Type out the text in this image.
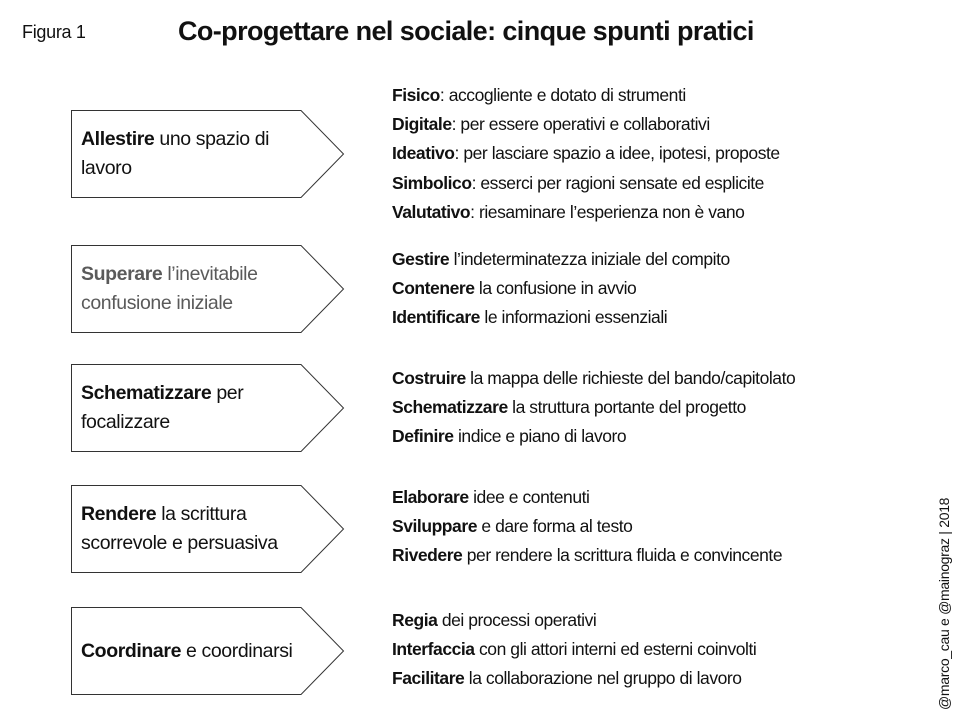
Figura 1	Co-progettare nel sociale: cinque spunti pratici
@marco_cau e @mainograz | 2018
Allestire uno spazio di lavoro
Fisico: accogliente e dotato di strumenti
Digitale: per essere operativi e collaborativi
Ideativo: per lasciare spazio a idee, ipotesi, proposte
Simbolico: esserci per ragioni sensate ed esplicite
Valutativo: riesaminare l’esperienza non è vano
Superare l’inevitabile confusione iniziale
Gestire l’indeterminatezza iniziale del compito
Contenere la confusione in avvio
Identificare le informazioni essenziali
Schematizzare per focalizzare
Costruire la mappa delle richieste del bando/capitolato
Schematizzare la struttura portante del progetto
Definire indice e piano di lavoro
Rendere la scrittura scorrevole e persuasiva
Elaborare idee e contenuti
Sviluppare e dare forma al testo
Rivedere per rendere la scrittura fluida e convincente
Coordinare e coordinarsi
Regia dei processi operativi
Interfaccia con gli attori interni ed esterni coinvolti
Facilitare la collaborazione nel gruppo di lavoro
